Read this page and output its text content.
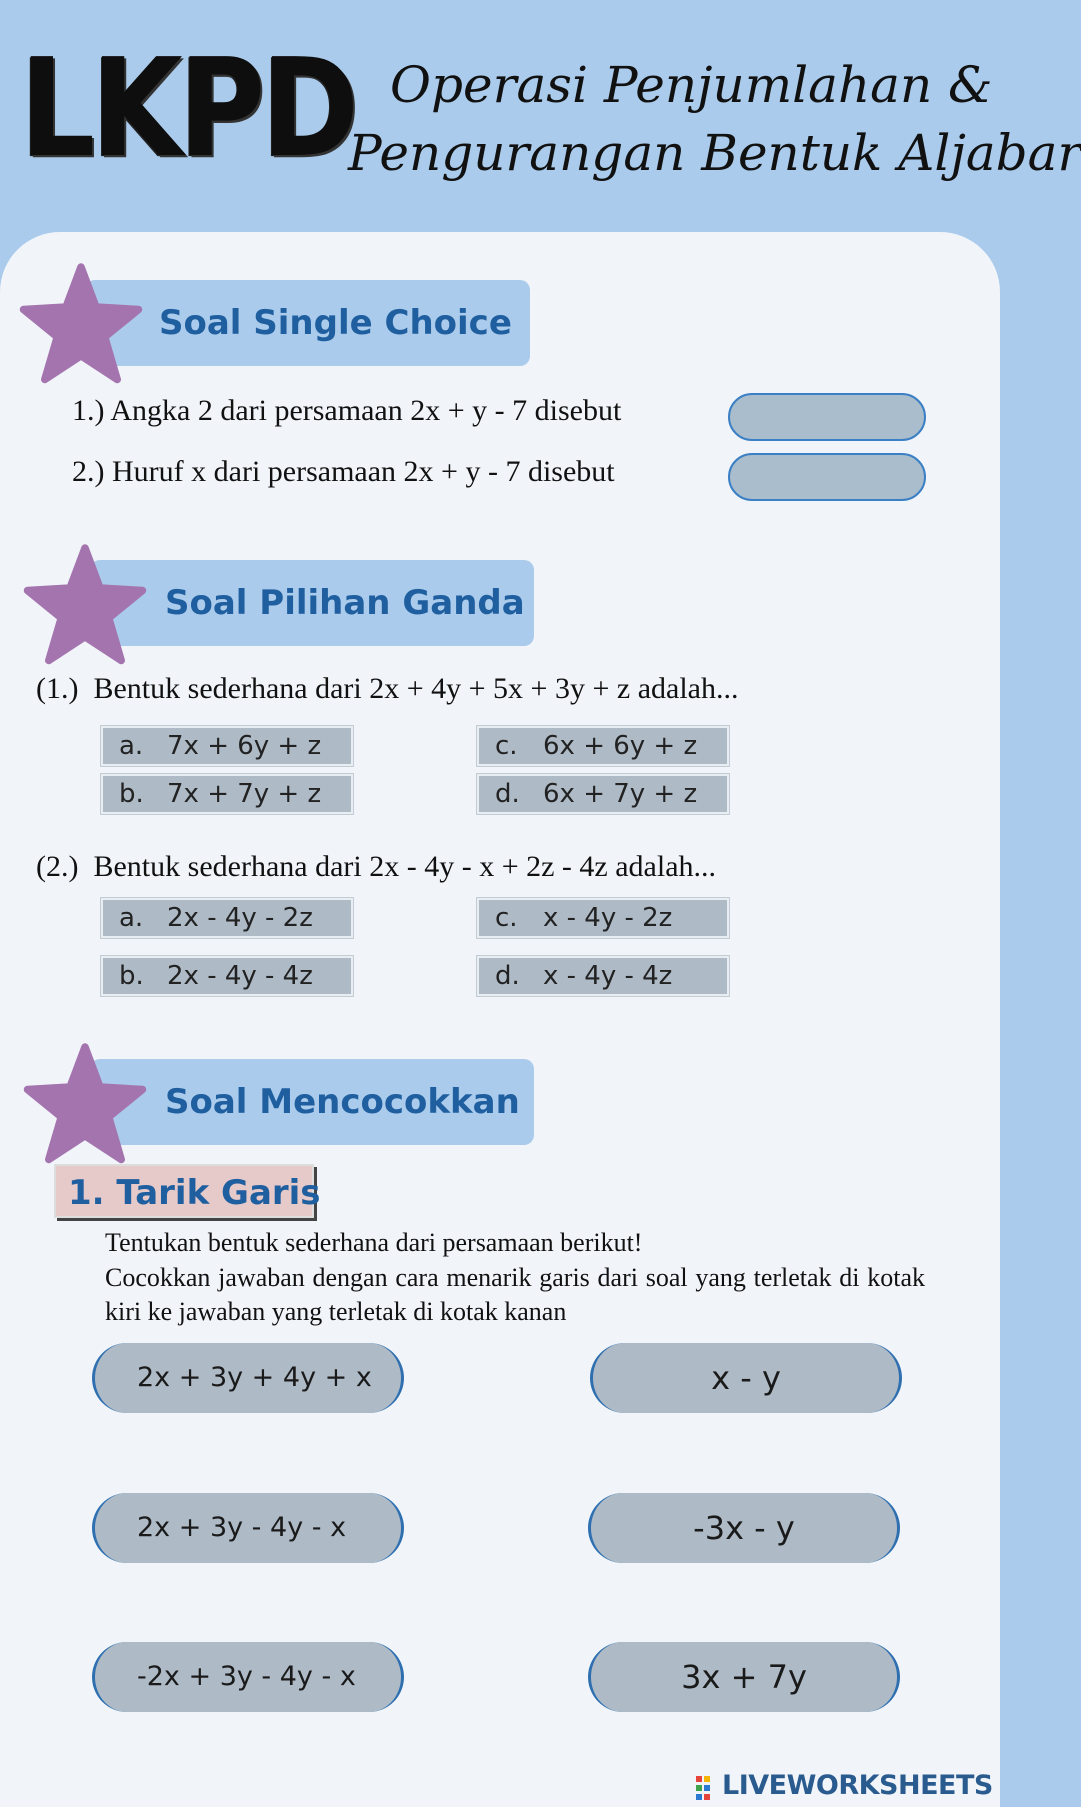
LKPD Operasi Penjumlahan &
Pengurangan Bentuk Aljabar
Soal Single Choice
1.) Angka 2 dari persamaan 2x + y - 7 disebut
2.) Huruf x dari persamaan 2x + y - 7 disebut
Soal Pilihan Ganda
(1.) Bentuk sederhana dari 2x + 4y + 5x + 3y + z adalah...
a. 7x + 6y + z
b. 7x + 7y + z
c. 6x + 6y + z
d. 6x + 7y + z
(2.) Bentuk sederhana dari 2x - 4y - x + 2z - 4z adalah...
a. 2x - 4y - 2z
b. 2x - 4y - 4z
c. x - 4y - 2z
d. x - 4y - 4z
Soal Mencocokkan
1. Tarik Garis
Tentukan bentuk sederhana dari persamaan berikut!
Cocokkan jawaban dengan cara menarik garis dari soal yang terletak di kotak kiri ke jawaban yang terletak di kotak kanan
2x + 3y + 4y + x
2x + 3y - 4y - x
-2x + 3y - 4y - x
x - y
-3x - y
3x + 7y
LIVEWORKSHEETS
